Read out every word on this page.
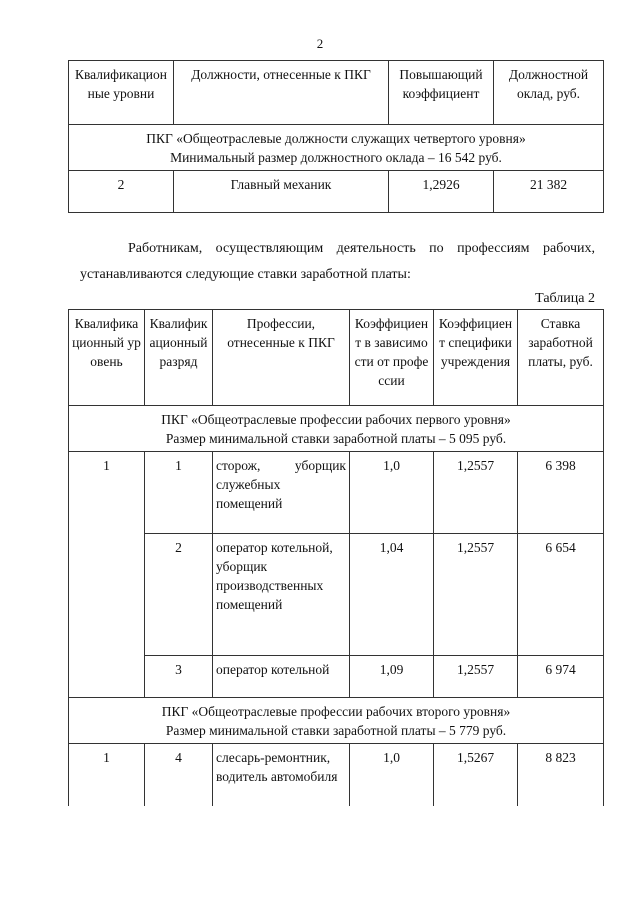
2
Квалификационные уровни	Должности, отнесенные к ПКГ	Повышающий коэффициент	Должностной оклад, руб.

ПКГ «Общеотраслевые должности служащих четвертого уровня»
Минимальный размер должностного оклада – 16 542 руб.			

2	Главный механик	1,2926	21 382
Работникам, осуществляющим деятельность по профессиям рабочих,
устанавливаются следующие ставки заработной платы:
Таблица 2
Квалификационный уровень	Квалификационный разряд	Профессии, отнесенные к ПКГ	Коэффициент в зависимости от профессии	Коэффициент специфики учреждения	Ставка заработной платы, руб.

ПКГ «Общеотраслевые профессии рабочих первого уровня»
Размер минимальной ставки заработной платы – 5 095 руб.					

1	1	сторож, уборщик служебных помещений	1,0	1,2557	6 398
	2	оператор котельной, уборщик производственных помещений	1,04	1,2557	6 654
	3	оператор котельной	1,09	1,2557	6 974

ПКГ «Общеотраслевые профессии рабочих второго уровня»
Размер минимальной ставки заработной платы – 5 779 руб.					

1	4	слесарь-ремонтник, водитель автомобиля	1,0	1,5267	8 823
